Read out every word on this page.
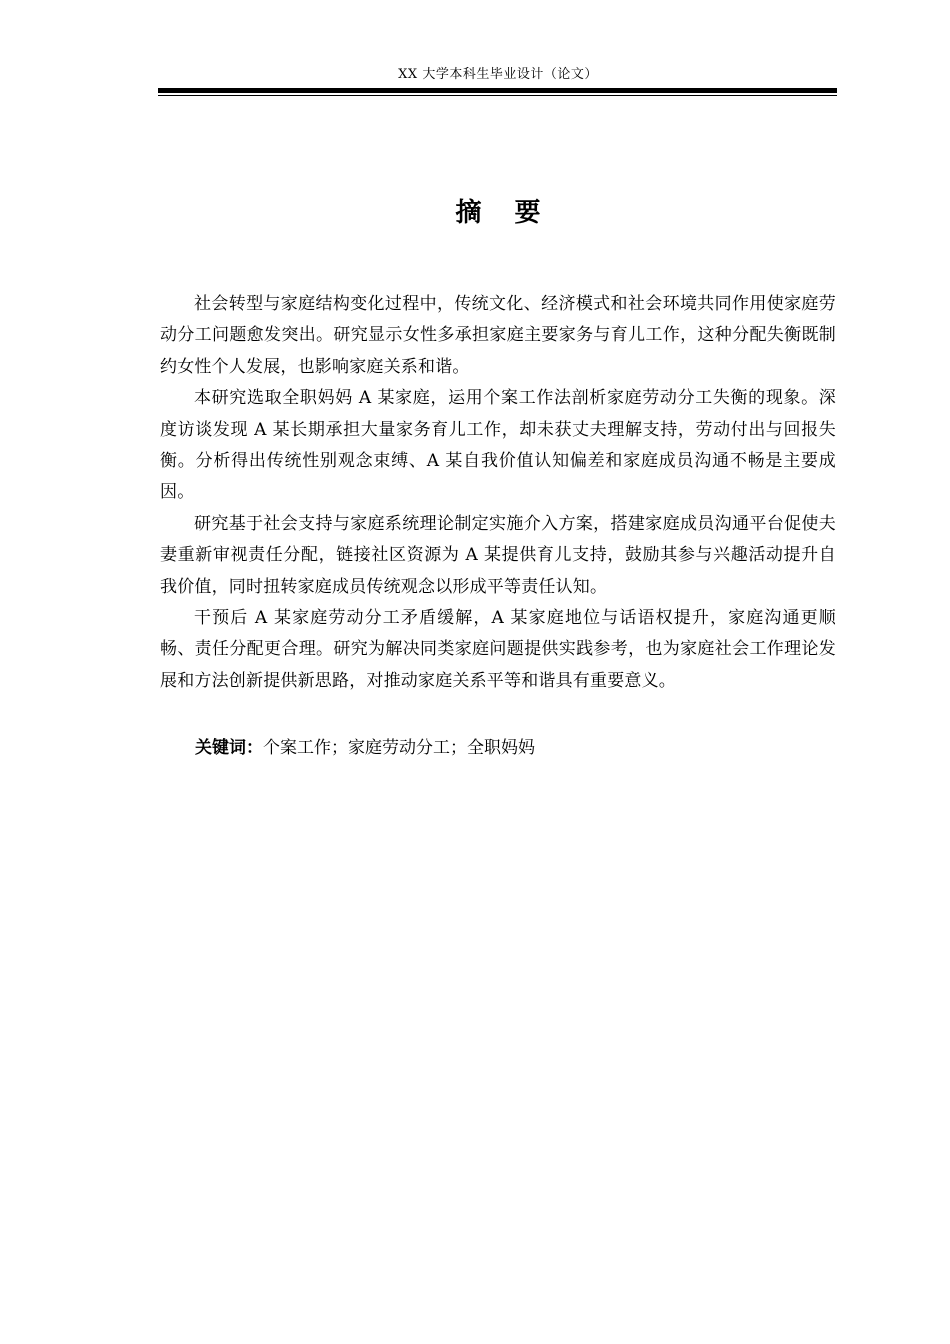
XX 大学本科生毕业设计（论文）
摘 要

社会转型与家庭结构变化过程中，传统文化、经济模式和社会环境共同作用使家庭劳动分工问题愈发突出。研究显示女性多承担家庭主要家务与育儿工作，这种分配失衡既制约女性个人发展，也影响家庭关系和谐。

本研究选取全职妈妈 A 某家庭，运用个案工作法剖析家庭劳动分工失衡的现象。深度访谈发现 A 某长期承担大量家务育儿工作，却未获丈夫理解支持，劳动付出与回报失衡。分析得出传统性别观念束缚、A 某自我价值认知偏差和家庭成员沟通不畅是主要成因。

研究基于社会支持与家庭系统理论制定实施介入方案，搭建家庭成员沟通平台促使夫妻重新审视责任分配，链接社区资源为 A 某提供育儿支持，鼓励其参与兴趣活动提升自我价值，同时扭转家庭成员传统观念以形成平等责任认知。

干预后 A 某家庭劳动分工矛盾缓解，A 某家庭地位与话语权提升，家庭沟通更顺畅、责任分配更合理。研究为解决同类家庭问题提供实践参考，也为家庭社会工作理论发展和方法创新提供新思路，对推动家庭关系平等和谐具有重要意义。

关键词：个案工作；家庭劳动分工；全职妈妈
